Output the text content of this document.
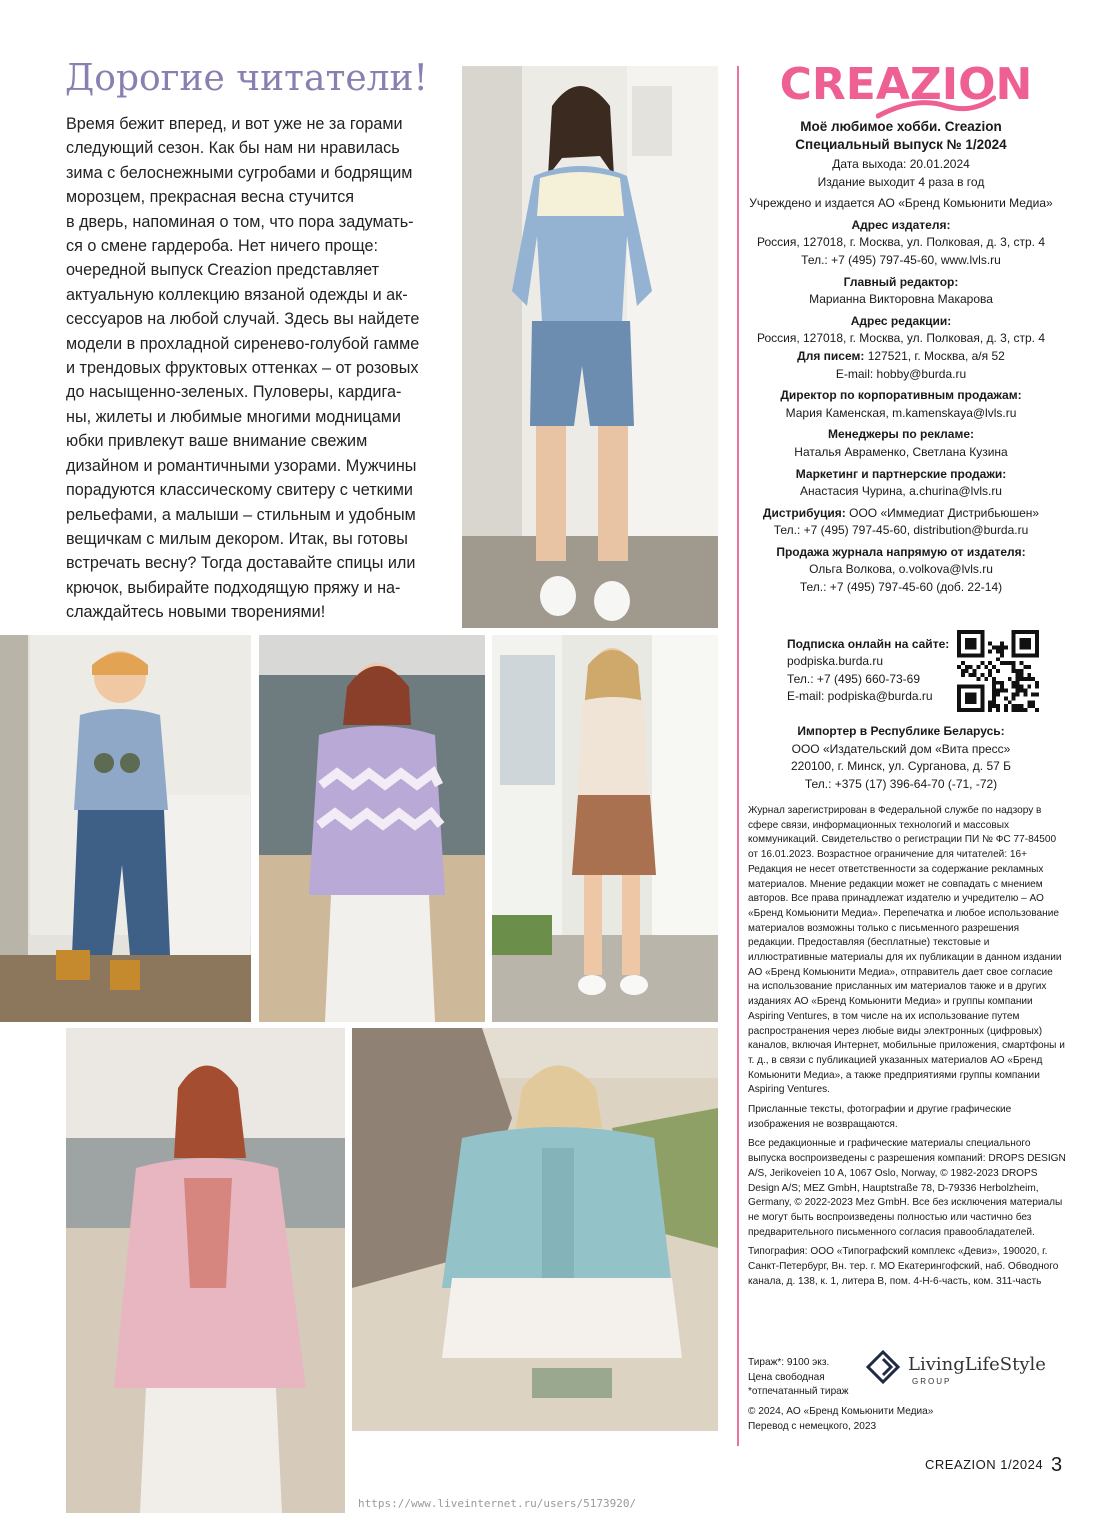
Дорогие читатели!
Время бежит вперед, и вот уже не за горами
следующий сезон. Как бы нам ни нравилась
зима с белоснежными сугробами и бодрящим
морозцем, прекрасная весна стучится
в дверь, напоминая о том, что пора задумать-
ся о смене гардероба. Нет ничего проще:
очередной выпуск Creazion представляет
актуальную коллекцию вязаной одежды и ак-
сессуаров на любой случай. Здесь вы найдете
модели в прохладной сиренево-голубой гамме
и трендовых фруктовых оттенках – от розовых
до насыщенно-зеленых. Пуловеры, кардига-
ны, жилеты и любимые многими модницами
юбки привлекут ваше внимание свежим
дизайном и романтичными узорами. Мужчины
порадуются классическому свитеру с четкими
рельефами, а малыши – стильным и удобным
вещичкам с милым декором. Итак, вы готовы
встречать весну? Тогда доставайте спицы или
крючок, выбирайте подходящую пряжу и на-
слаждайтесь новыми творениями!
CREAZION
Моё любимое хобби. Creazion
Специальный выпуск № 1/2024
Дата выхода: 20.01.2024
Издание выходит 4 раза в год
Учреждено и издается АО «Бренд Комьюнити Медиа»
Адрес издателя:
Россия, 127018, г. Москва, ул. Полковая, д. 3, стр. 4
Тел.: +7 (495) 797-45-60, www.lvls.ru
Главный редактор:
Марианна Викторовна Макарова
Адрес редакции:
Россия, 127018, г. Москва, ул. Полковая, д. 3, стр. 4
Для писем: 127521, г. Москва, а/я 52
E-mail: hobby@burda.ru
Директор по корпоративным продажам:
Мария Каменская, m.kamenskaya@lvls.ru
Менеджеры по рекламе:
Наталья Авраменко, Светлана Кузина
Маркетинг и партнерские продажи:
Анастасия Чурина, a.churina@lvls.ru
Дистрибуция: ООО «Иммедиат Дистрибьюшен»
Тел.: +7 (495) 797-45-60, distribution@burda.ru
Продажа журнала напрямую от издателя:
Ольга Волкова, o.volkova@lvls.ru
Тел.: +7 (495) 797-45-60 (доб. 22-14)
Подписка онлайн на сайте:
podpiska.burda.ru
Тел.: +7 (495) 660-73-69
E-mail: podpiska@burda.ru
Импортер в Республике Беларусь:
ООО «Издательский дом «Вита пресс»
220100, г. Минск, ул. Сурганова, д. 57 Б
Тел.: +375 (17) 396-64-70 (-71, -72)

Журнал зарегистрирован в Федеральной службе по надзору в сфере связи, информационных технологий и массовых коммуникаций. Свидетельство о регистрации ПИ № ФС 77-84500 от 16.01.2023. Возрастное ограничение для читателей: 16+ Редакция не несет ответственности за содержание рекламных материалов. Мнение редакции может не совпадать с мнением авторов. Все права принадлежат издателю и учредителю – АО «Бренд Комьюнити Медиа». Перепечатка и любое использование материалов возможны только с письменного разрешения редакции. Предоставляя (бесплатные) текстовые и иллюстративные материалы для их публикации в данном издании АО «Бренд Комьюнити Медиа», отправитель дает свое согласие на использование присланных им материалов также и в других изданиях АО «Бренд Комьюнити Медиа» и группы компании Aspiring Ventures, в том числе на их использование путем распространения через любые виды электронных (цифровых) каналов, включая Интернет, мобильные приложения, смартфоны и т. д., в связи с публикацией указанных материалов АО «Бренд Комьюнити Медиа», а также предприятиями группы компании Aspiring Ventures.

Присланные тексты, фотографии и другие графические изображения не возвращаются.

Все редакционные и графические материалы специального выпуска воспроизведены с разрешения компаний: DROPS DESIGN A/S, Jerikoveien 10 A, 1067 Oslo, Norway, © 1982-2023 DROPS Design A/S; MEZ GmbH, Hauptstraße 78, D-79336 Herbolzheim, Germany, © 2022-2023 Mez GmbH. Все без исключения материалы не могут быть воспроизведены полностью или частично без предварительного письменного согласия правообладателей.

Типография: ООО «Типографский комплекс «Девиз», 190020, г. Санкт-Петербург, Вн. тер. г. МО Екатерингофский, наб. Обводного канала, д. 138, к. 1, литера В, пом. 4-Н-6-часть, ком. 311-часть

Тираж*: 9100 экз.
Цена свободная
*отпечатанный тираж
LivingLifeStyle
GROUP
© 2024, АО «Бренд Комьюнити Медиа»
Перевод с немецкого, 2023
CREAZION 1/2024 3
https://www.liveinternet.ru/users/5173920/
